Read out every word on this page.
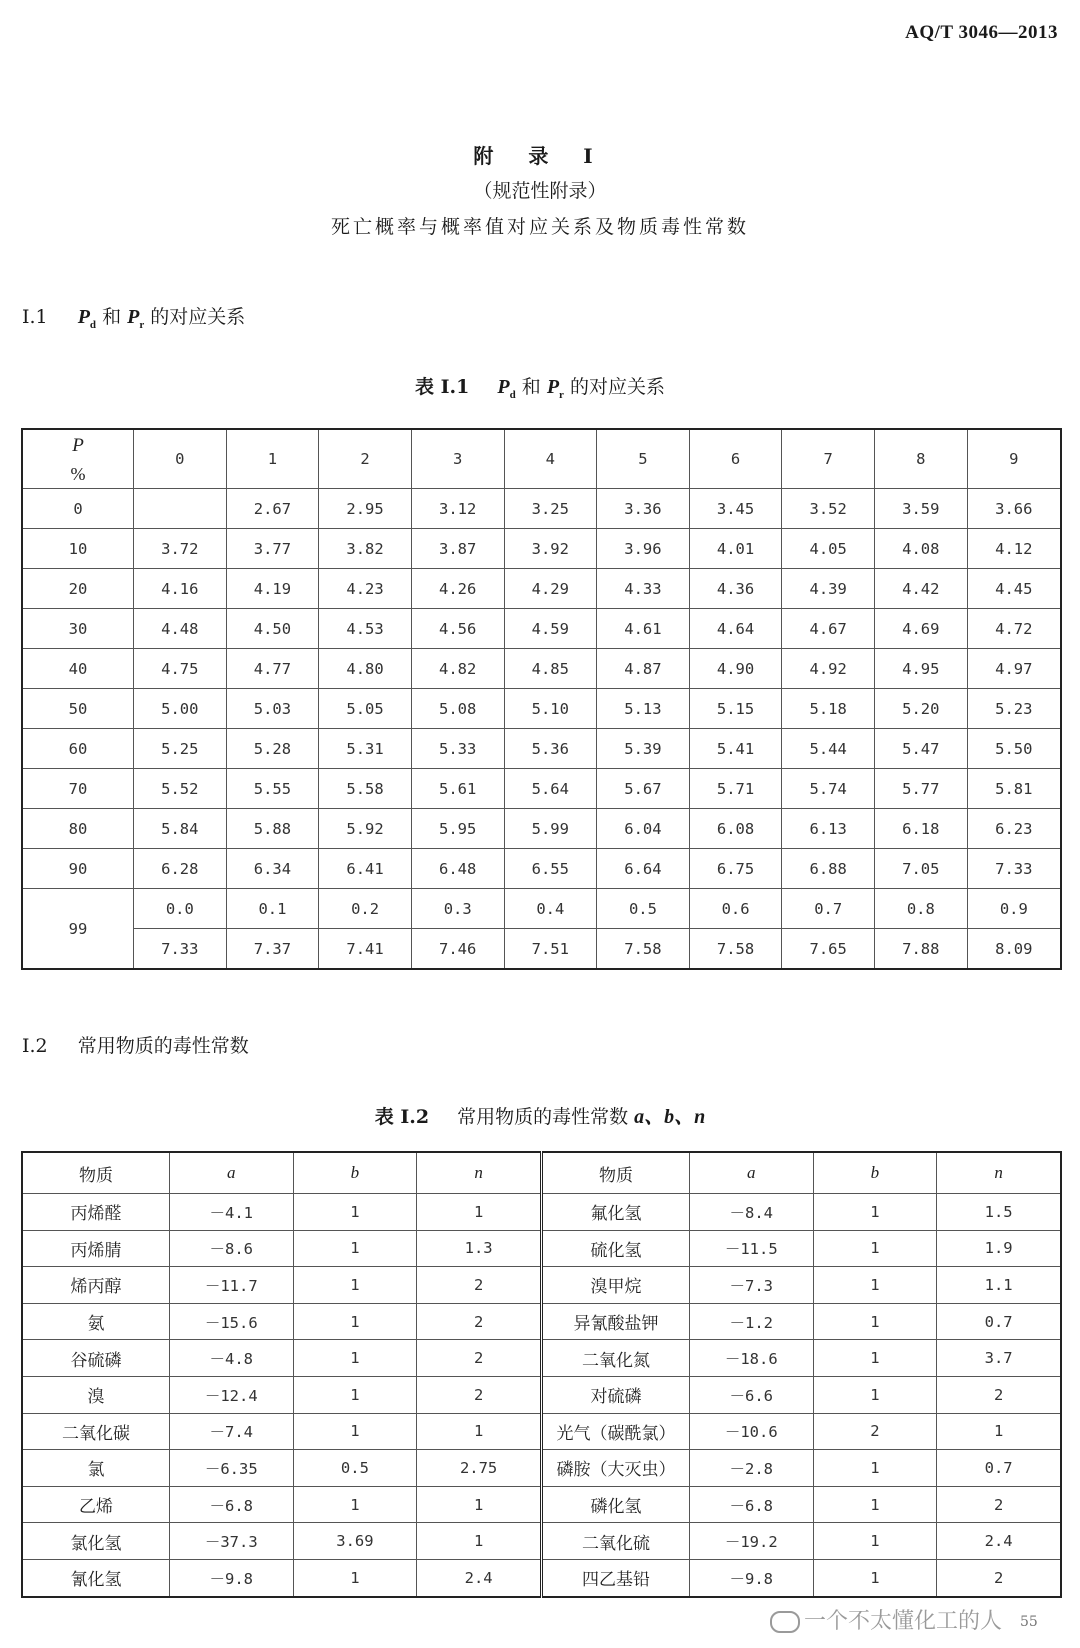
AQ/T 3046—2013
附 录 I
（规范性附录）
死亡概率与概率值对应关系及物质毒性常数
I.1 $P_d$ 和 $P_r$ 的对应关系
表 I.1 $P_d$ 和 $P_r$ 的对应关系
P
%	0	1	2	3	4	5	6	7	8	9
0		2.67	2.95	3.12	3.25	3.36	3.45	3.52	3.59	3.66
10	3.72	3.77	3.82	3.87	3.92	3.96	4.01	4.05	4.08	4.12
20	4.16	4.19	4.23	4.26	4.29	4.33	4.36	4.39	4.42	4.45
30	4.48	4.50	4.53	4.56	4.59	4.61	4.64	4.67	4.69	4.72
40	4.75	4.77	4.80	4.82	4.85	4.87	4.90	4.92	4.95	4.97
50	5.00	5.03	5.05	5.08	5.10	5.13	5.15	5.18	5.20	5.23
60	5.25	5.28	5.31	5.33	5.36	5.39	5.41	5.44	5.47	5.50
70	5.52	5.55	5.58	5.61	5.64	5.67	5.71	5.74	5.77	5.81
80	5.84	5.88	5.92	5.95	5.99	6.04	6.08	6.13	6.18	6.23
90	6.28	6.34	6.41	6.48	6.55	6.64	6.75	6.88	7.05	7.33
99	0.0	0.1	0.2	0.3	0.4	0.5	0.6	0.7	0.8	0.9
	7.33	7.37	7.41	7.46	7.51	7.58	7.58	7.65	7.88	8.09
I.2 常用物质的毒性常数
表 I.2 常用物质的毒性常数 a、b、n
物质	a	b	n	物质	a	b	n
丙烯醛	－4.1	1	1	氟化氢	－8.4	1	1.5
丙烯腈	－8.6	1	1.3	硫化氢	－11.5	1	1.9
烯丙醇	－11.7	1	2	溴甲烷	－7.3	1	1.1
氨	－15.6	1	2	异氰酸盐钾	－1.2	1	0.7
谷硫磷	－4.8	1	2	二氧化氮	－18.6	1	3.7
溴	－12.4	1	2	对硫磷	－6.6	1	2
二氧化碳	－7.4	1	1	光气（碳酰氯）	－10.6	2	1
氯	－6.35	0.5	2.75	磷胺（大灭虫）	－2.8	1	0.7
乙烯	－6.8	1	1	磷化氢	－6.8	1	2
氯化氢	－37.3	3.69	1	二氧化硫	－19.2	1	2.4
氰化氢	－9.8	1	2.4	四乙基铅	－9.8	1	2
一个不太懂化工的人 55
